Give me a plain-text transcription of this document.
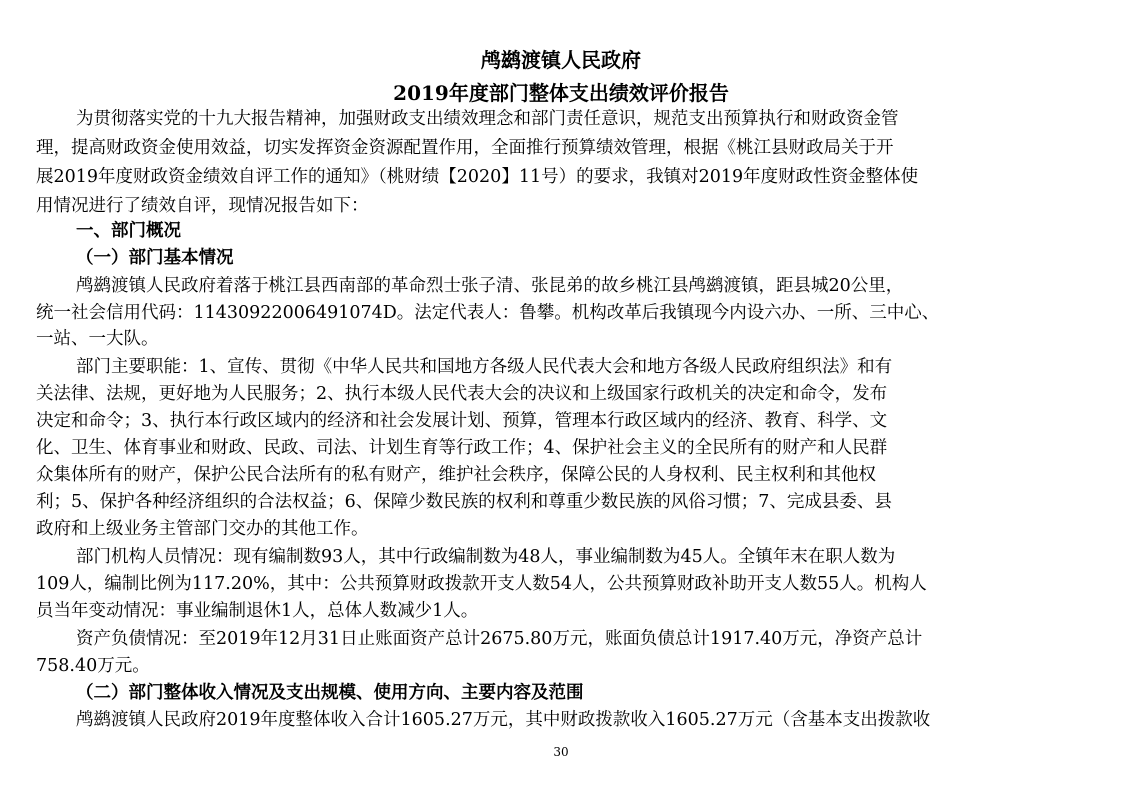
鸬鹚渡镇人民政府
2019年度部门整体支出绩效评价报告
为贯彻落实党的十九大报告精神，加强财政支出绩效理念和部门责任意识，规范支出预算执行和财政资金管
理，提高财政资金使用效益，切实发挥资金资源配置作用，全面推行预算绩效管理，根据《桃江县财政局关于开
展2019年度财政资金绩效自评工作的通知》（桃财绩【2020】11号）的要求，我镇对2019年度财政性资金整体使
用情况进行了绩效自评，现情况报告如下：
一、部门概况
（一）部门基本情况
鸬鹚渡镇人民政府着落于桃江县西南部的革命烈士张子清、张昆弟的故乡桃江县鸬鹚渡镇，距县城20公里，
统一社会信用代码：11430922006491074D。法定代表人：鲁攀。机构改革后我镇现今内设六办、一所、三中心、
一站、一大队。
部门主要职能：1、宣传、贯彻《中华人民共和国地方各级人民代表大会和地方各级人民政府组织法》和有
关法律、法规，更好地为人民服务；2、执行本级人民代表大会的决议和上级国家行政机关的决定和命令，发布
决定和命令；3、执行本行政区域内的经济和社会发展计划、预算，管理本行政区域内的经济、教育、科学、文
化、卫生、体育事业和财政、民政、司法、计划生育等行政工作；4、保护社会主义的全民所有的财产和人民群
众集体所有的财产，保护公民合法所有的私有财产，维护社会秩序，保障公民的人身权利、民主权利和其他权
利；5、保护各种经济组织的合法权益；6、保障少数民族的权利和尊重少数民族的风俗习惯；7、完成县委、县
政府和上级业务主管部门交办的其他工作。
部门机构人员情况：现有编制数93人，其中行政编制数为48人，事业编制数为45人。全镇年末在职人数为
109人，编制比例为117.20%，其中：公共预算财政拨款开支人数54人，公共预算财政补助开支人数55人。机构人
员当年变动情况：事业编制退休1人，总体人数减少1人。
资产负债情况：至2019年12月31日止账面资产总计2675.80万元，账面负债总计1917.40万元，净资产总计
758.40万元。
（二）部门整体收入情况及支出规模、使用方向、主要内容及范围
鸬鹚渡镇人民政府2019年度整体收入合计1605.27万元，其中财政拨款收入1605.27万元（含基本支出拨款收
30
